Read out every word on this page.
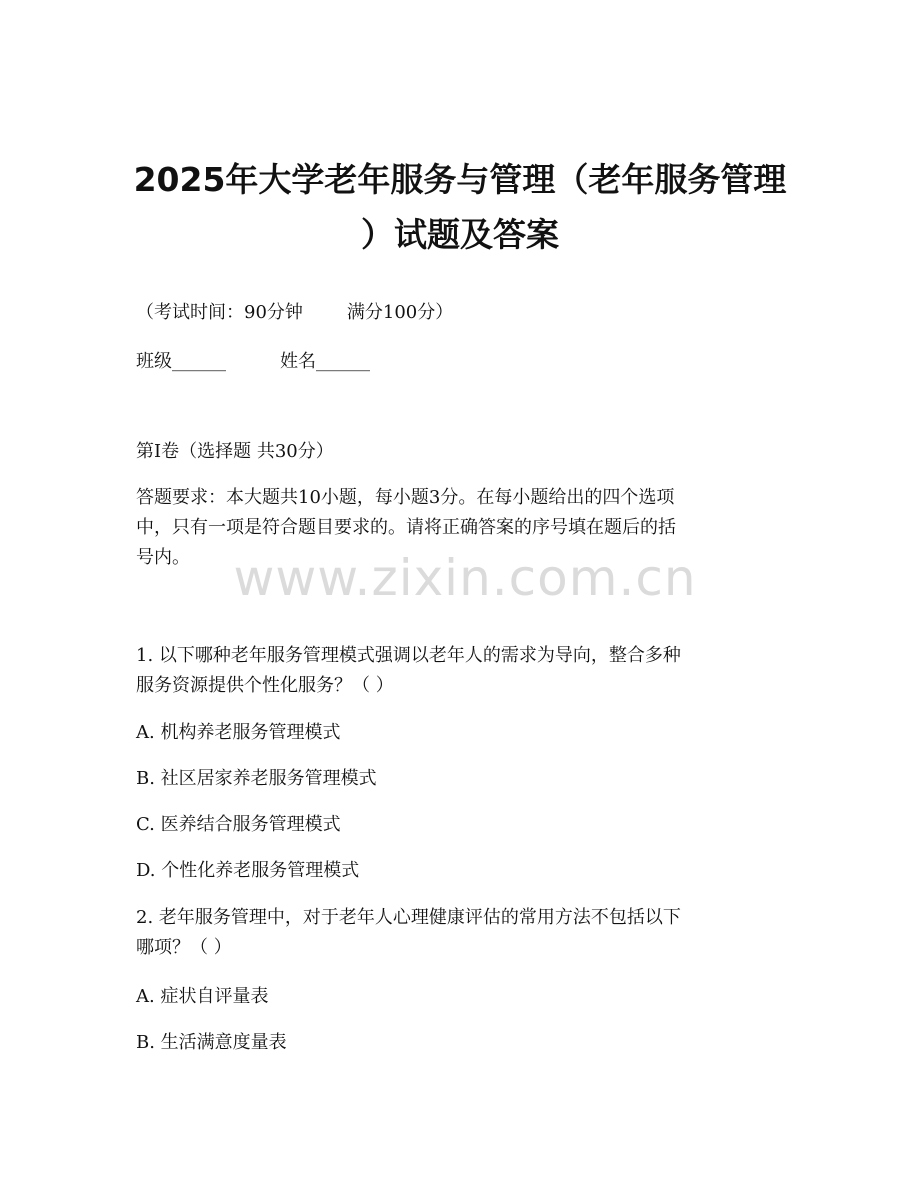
2025年大学老年服务与管理（老年服务管理
）试题及答案

（考试时间：90分钟 满分100分）

班级______	姓名______

第I卷（选择题 共30分）

答题要求：本大题共10小题，每小题3分。在每小题给出的四个选项
中，只有一项是符合题目要求的。请将正确答案的序号填在题后的括
号内。

1. 以下哪种老年服务管理模式强调以老年人的需求为导向，整合多种
服务资源提供个性化服务？（ ）

A. 机构养老服务管理模式

B. 社区居家养老服务管理模式

C. 医养结合服务管理模式

D. 个性化养老服务管理模式

2. 老年服务管理中，对于老年人心理健康评估的常用方法不包括以下
哪项？（ ）

A. 症状自评量表

B. 生活满意度量表

www.zixin.com.cn
